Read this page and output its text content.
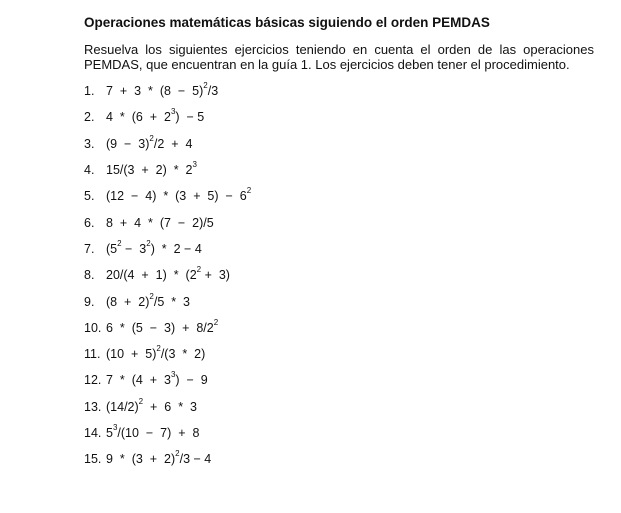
Operaciones matemáticas básicas siguiendo el orden PEMDAS

Resuelva los siguientes ejercicios teniendo en cuenta el orden de las operaciones PEMDAS, que encuentran en la guía 1. Los ejercicios deben tener el procedimiento.

1. $7 + 3 * (8 - 5)^2/3$
2. $4 * (6 + 2^3) - 5$
3. $(9 - 3)^2/2 + 4$
4. $15/(3 + 2) * 2^3$
5. $(12 - 4) * (3 + 5) - 6^2$
6. 8  +  4  *  (7  −  2)/5
7. $(5^2 - 3^2) * 2 - 4$
8. $20/(4 + 1) * (2^2 + 3)$
9. $(8 + 2)^2/5 * 3$
10. $6 * (5 - 3) + 8/2^2$
11. $(10 + 5)^2/(3 * 2)$
12. $7 * (4 + 3^3) - 9$
13. $(14/2)^2 + 6 * 3$
14. $5^3/(10 - 7) + 8$
15. $9 * (3 + 2)^2/3 - 4$
